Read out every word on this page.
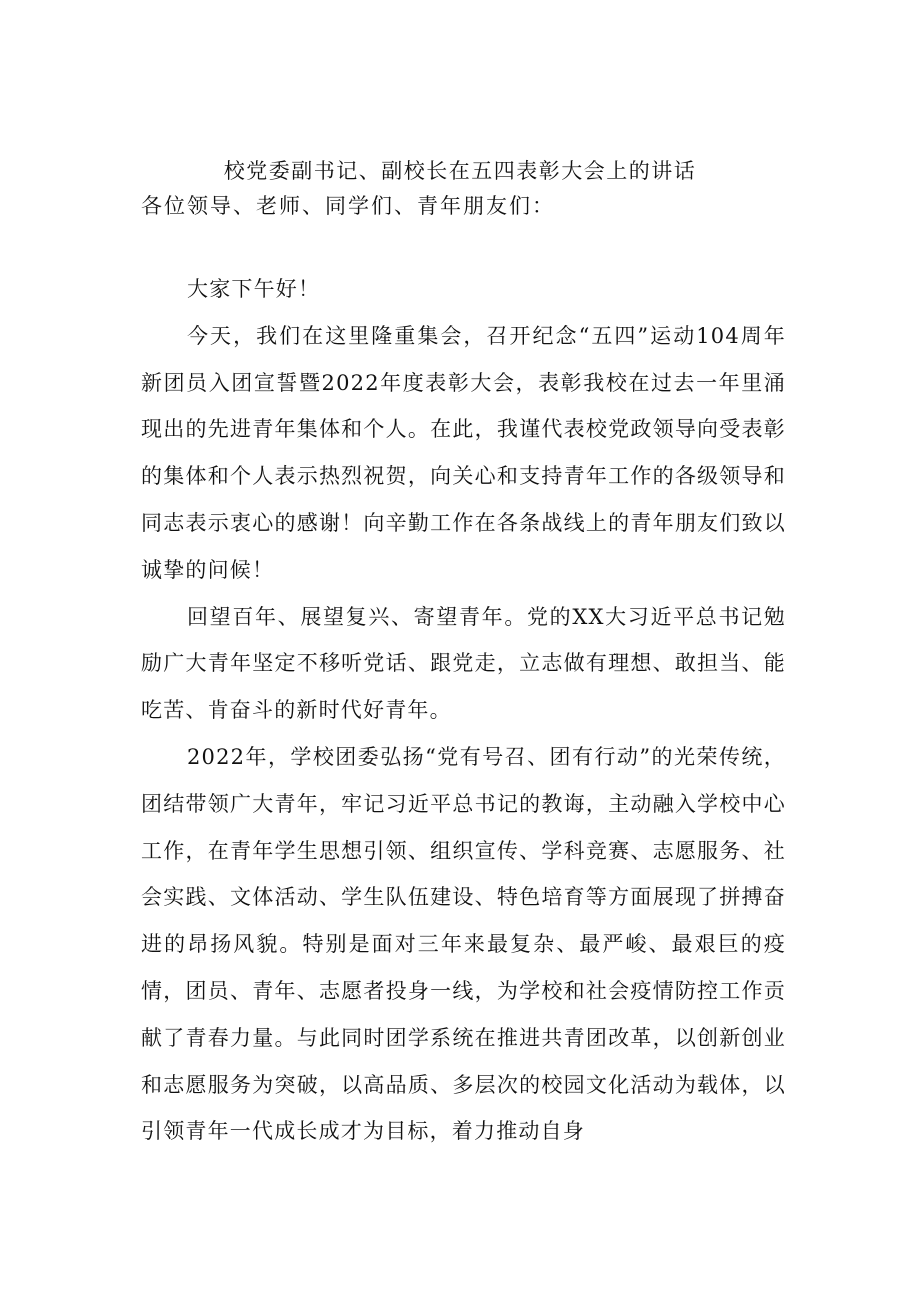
校党委副书记、副校长在五四表彰大会上的讲话
各位领导、老师、同学们、青年朋友们：

大家下午好！

今天，我们在这里隆重集会，召开纪念“五四”运动104周年新团员入团宣誓暨2022年度表彰大会，表彰我校在过去一年里涌现出的先进青年集体和个人。在此，我谨代表校党政领导向受表彰的集体和个人表示热烈祝贺，向关心和支持青年工作的各级领导和同志表示衷心的感谢！向辛勤工作在各条战线上的青年朋友们致以诚挚的问候！

回望百年、展望复兴、寄望青年。党的XX大习近平总书记勉励广大青年坚定不移听党话、跟党走，立志做有理想、敢担当、能吃苦、肯奋斗的新时代好青年。

2022年，学校团委弘扬“党有号召、团有行动”的光荣传统，团结带领广大青年，牢记习近平总书记的教诲，主动融入学校中心工作，在青年学生思想引领、组织宣传、学科竞赛、志愿服务、社会实践、文体活动、学生队伍建设、特色培育等方面展现了拼搏奋进的昂扬风貌。特别是面对三年来最复杂、最严峻、最艰巨的疫情，团员、青年、志愿者投身一线，为学校和社会疫情防控工作贡献了青春力量。与此同时团学系统在推进共青团改革，以创新创业和志愿服务为突破，以高品质、多层次的校园文化活动为载体，以引领青年一代成长成才为目标，着力推动自身
